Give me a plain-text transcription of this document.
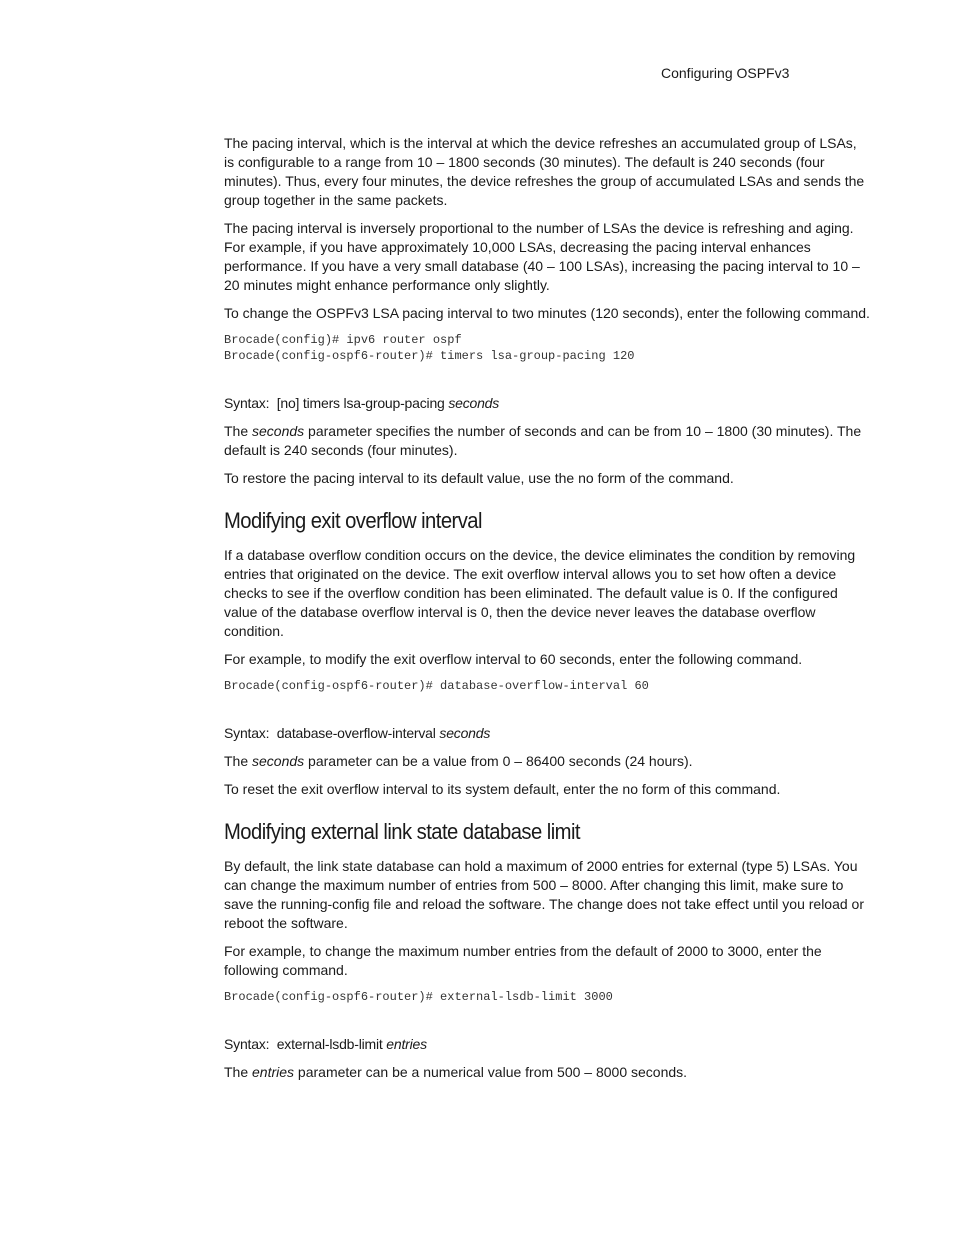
Configuring OSPFv3

The pacing interval, which is the interval at which the device refreshes an accumulated group of LSAs, is configurable to a range from 10 – 1800 seconds (30 minutes). The default is 240 seconds (four minutes). Thus, every four minutes, the device refreshes the group of accumulated LSAs and sends the group together in the same packets.

The pacing interval is inversely proportional to the number of LSAs the device is refreshing and aging. For example, if you have approximately 10,000 LSAs, decreasing the pacing interval enhances performance. If you have a very small database (40 – 100 LSAs), increasing the pacing interval to 10 – 20 minutes might enhance performance only slightly.

To change the OSPFv3 LSA pacing interval to two minutes (120 seconds), enter the following command.

Brocade(config)# ipv6 router ospf
Brocade(config-ospf6-router)# timers lsa-group-pacing 120

Syntax: [no] timers lsa-group-pacing seconds

The seconds parameter specifies the number of seconds and can be from 10 – 1800 (30 minutes). The default is 240 seconds (four minutes).

To restore the pacing interval to its default value, use the no form of the command.

Modifying exit overflow interval

If a database overflow condition occurs on the device, the device eliminates the condition by removing entries that originated on the device. The exit overflow interval allows you to set how often a device checks to see if the overflow condition has been eliminated. The default value is 0. If the configured value of the database overflow interval is 0, then the device never leaves the database overflow condition.

For example, to modify the exit overflow interval to 60 seconds, enter the following command.

Brocade(config-ospf6-router)# database-overflow-interval 60

Syntax: database-overflow-interval seconds

The seconds parameter can be a value from 0 – 86400 seconds (24 hours).

To reset the exit overflow interval to its system default, enter the no form of this command.

Modifying external link state database limit

By default, the link state database can hold a maximum of 2000 entries for external (type 5) LSAs. You can change the maximum number of entries from 500 – 8000. After changing this limit, make sure to save the running-config file and reload the software. The change does not take effect until you reload or reboot the software.

For example, to change the maximum number entries from the default of 2000 to 3000, enter the following command.

Brocade(config-ospf6-router)# external-lsdb-limit 3000

Syntax: external-lsdb-limit entries

The entries parameter can be a numerical value from 500 – 8000 seconds.
